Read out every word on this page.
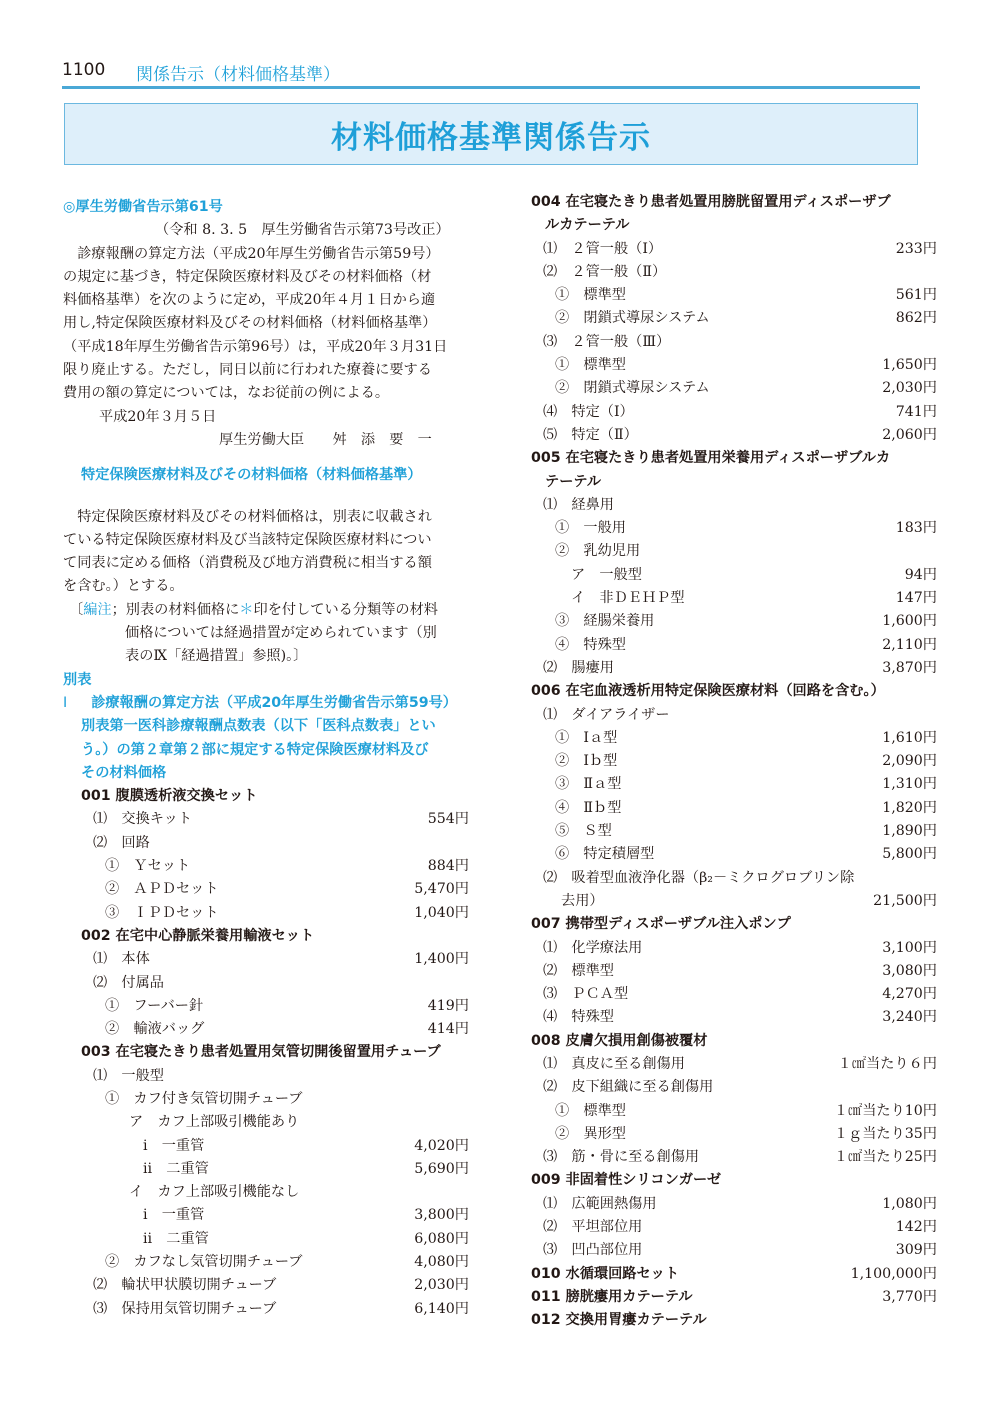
1100 関係告示（材料価格基準）
材料価格基準関係告示
◎厚生労働省告示第61号
（令和 8. 3. 5　厚生労働省告示第73号改正）
　診療報酬の算定方法（平成20年厚生労働省告示第59号）
の規定に基づき，特定保険医療材料及びその材料価格（材
料価格基準）を次のように定め，平成20年４月１日から適
用し,特定保険医療材料及びその材料価格（材料価格基準）
（平成18年厚生労働省告示第96号）は，平成20年３月31日
限り廃止する。ただし，同日以前に行われた療養に要する
費用の額の算定については，なお従前の例による。
平成20年３月５日
厚生労働大臣　　舛　添　要　一
特定保険医療材料及びその材料価格（材料価格基準）
　特定保険医療材料及びその材料価格は，別表に収載され
ている特定保険医療材料及び当該特定保険医療材料につい
て同表に定める価格（消費税及び地方消費税に相当する額
を含む。）とする。
〔編注；別表の材料価格に＊印を付している分類等の材料
価格については経過措置が定められています（別
表のⅨ「経過措置」参照)。〕
別表
Ⅰ 診療報酬の算定方法（平成20年厚生労働省告示第59号）
別表第一医科診療報酬点数表（以下「医科点数表」とい
う。）の第２章第２部に規定する特定保険医療材料及び
その材料価格
001 腹膜透析液交換セット
⑴　交換キット	554円
⑵　回路
①　Ｙセット	884円
②　ＡＰＤセット	5,470円
③　ＩＰＤセット	1,040円
002 在宅中心静脈栄養用輸液セット
⑴　本体	1,400円
⑵　付属品
①　フーバー針	419円
②　輸液バッグ	414円
003 在宅寝たきり患者処置用気管切開後留置用チューブ
⑴　一般型
①　カフ付き気管切開チューブ
ア　カフ上部吸引機能あり
ⅰ　一重管	4,020円
ⅱ　二重管	5,690円
イ　カフ上部吸引機能なし
ⅰ　一重管	3,800円
ⅱ　二重管	6,080円
②　カフなし気管切開チューブ	4,080円
⑵　輪状甲状膜切開チューブ	2,030円
⑶　保持用気管切開チューブ	6,140円
004 在宅寝たきり患者処置用膀胱留置用ディスポーザブ
ルカテーテル
⑴　２管一般（Ⅰ）	233円
⑵　２管一般（Ⅱ）
①　標準型	561円
②　閉鎖式導尿システム	862円
⑶　２管一般（Ⅲ）
①　標準型	1,650円
②　閉鎖式導尿システム	2,030円
⑷　特定（Ⅰ）	741円
⑸　特定（Ⅱ）	2,060円
005 在宅寝たきり患者処置用栄養用ディスポーザブルカ
テーテル
⑴　経鼻用
①　一般用	183円
②　乳幼児用
ア　一般型	94円
イ　非ＤＥＨＰ型	147円
③　経腸栄養用	1,600円
④　特殊型	2,110円
⑵　腸瘻用	3,870円
006 在宅血液透析用特定保険医療材料（回路を含む。）
⑴　ダイアライザー
①　Ⅰａ型	1,610円
②　Ⅰｂ型	2,090円
③　Ⅱａ型	1,310円
④　Ⅱｂ型	1,820円
⑤　Ｓ型	1,890円
⑥　特定積層型	5,800円
⑵　吸着型血液浄化器（β₂－ミクログロブリン除
去用）	21,500円
007 携帯型ディスポーザブル注入ポンプ
⑴　化学療法用	3,100円
⑵　標準型	3,080円
⑶　ＰＣＡ型	4,270円
⑷　特殊型	3,240円
008 皮膚欠損用創傷被覆材
⑴　真皮に至る創傷用	１㎠当たり６円
⑵　皮下組織に至る創傷用
①　標準型	１㎠当たり10円
②　異形型	１ｇ当たり35円
⑶　筋・骨に至る創傷用	１㎠当たり25円
009 非固着性シリコンガーゼ
⑴　広範囲熱傷用	1,080円
⑵　平坦部位用	142円
⑶　凹凸部位用	309円
010 水循環回路セット	1,100,000円
011 膀胱瘻用カテーテル	3,770円
012 交換用胃瘻カテーテル
